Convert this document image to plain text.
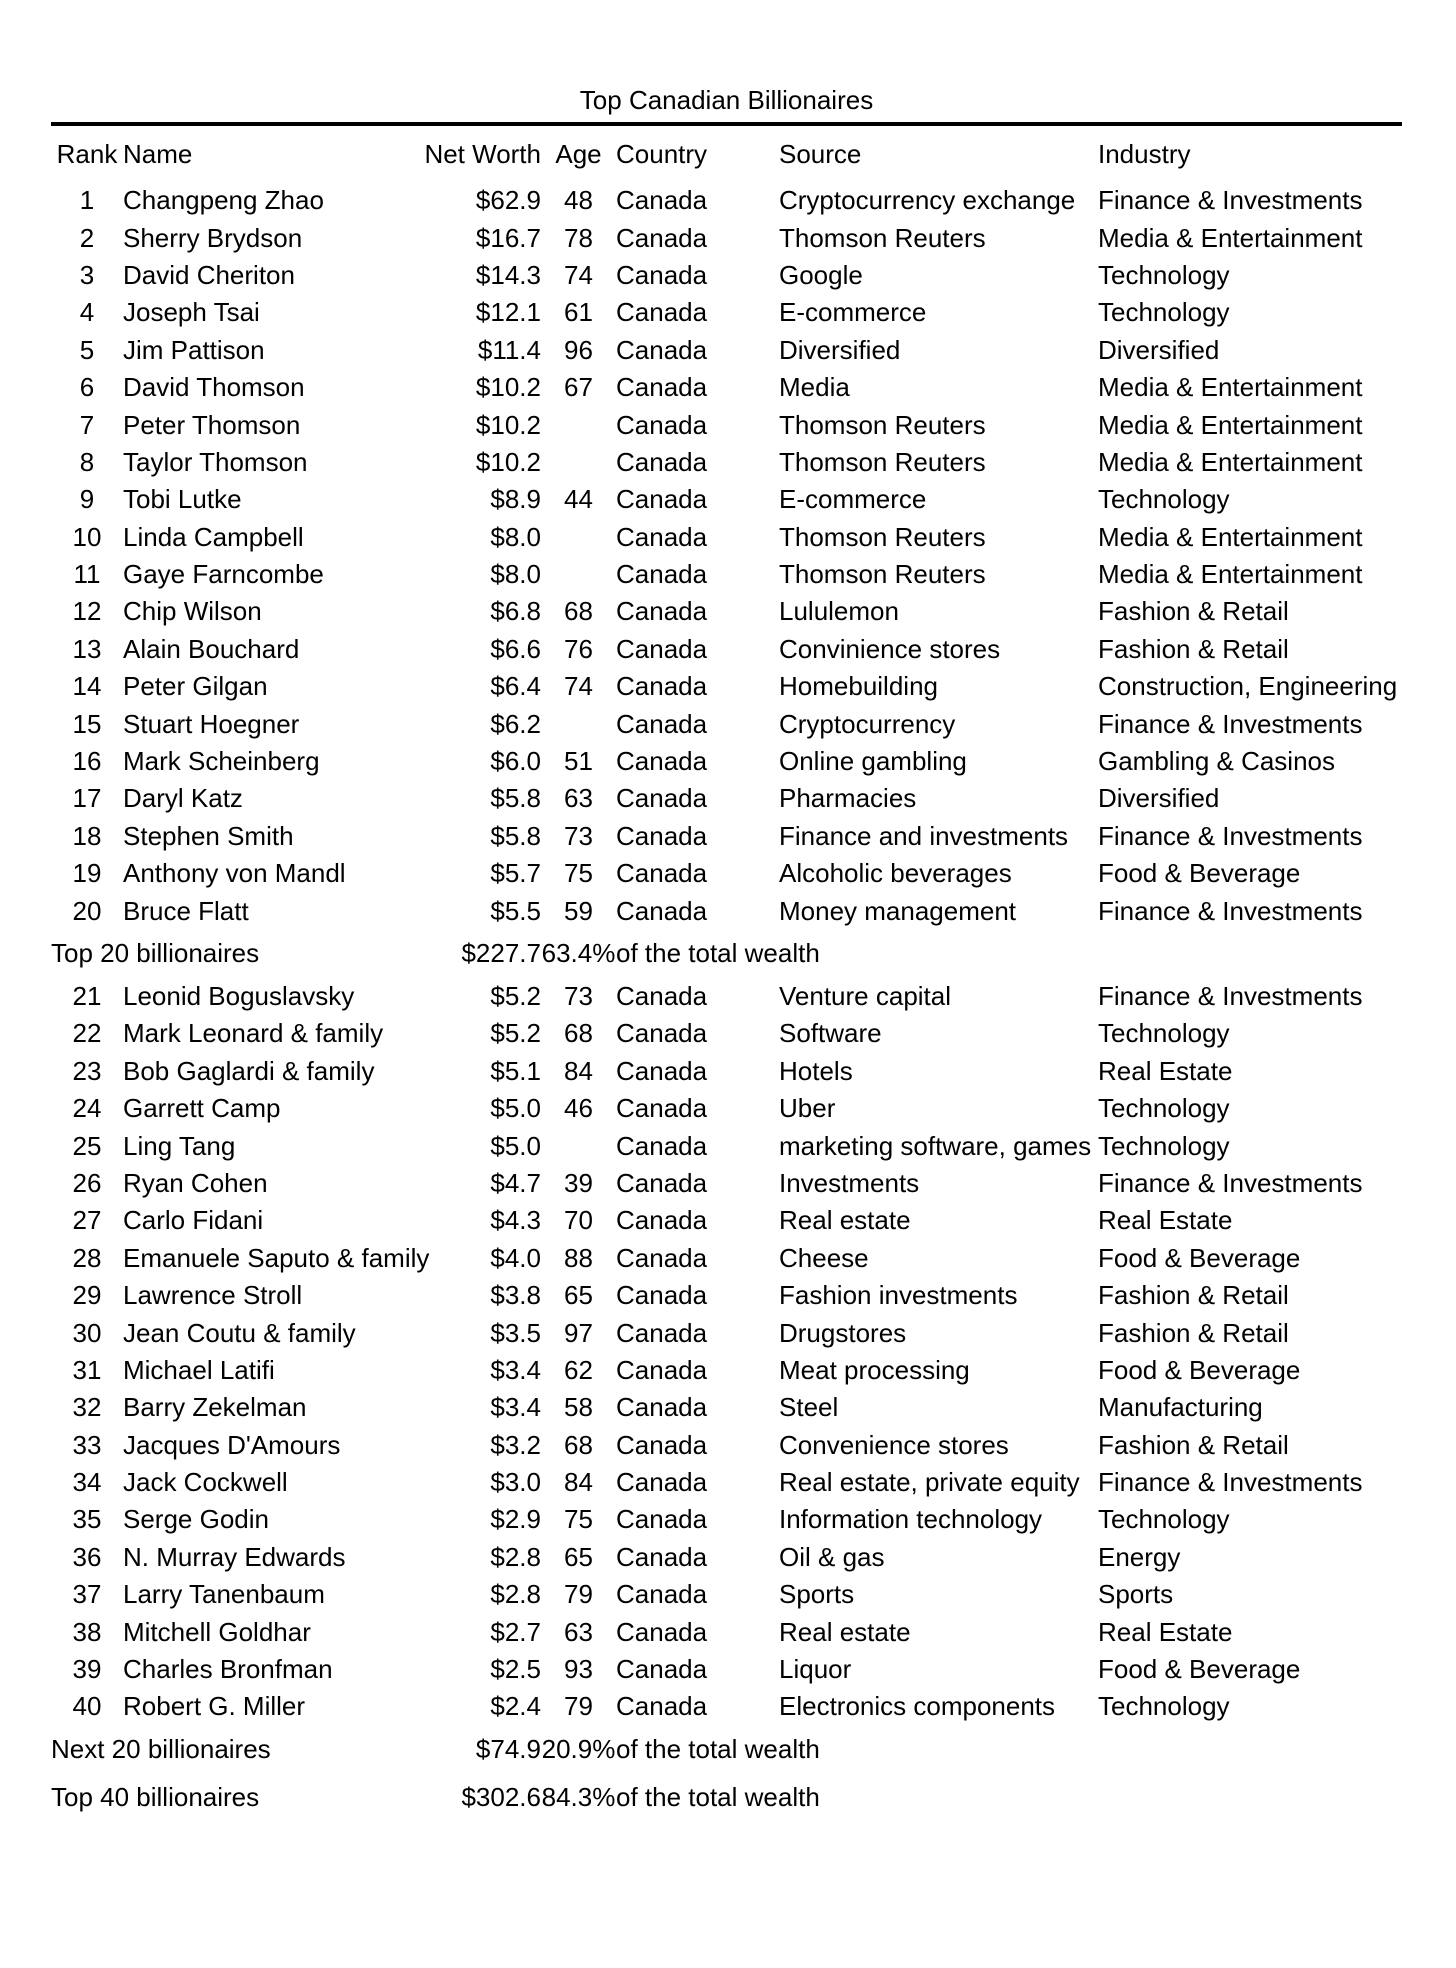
Top Canadian Billionaires
Rank	Name	Net Worth	Age	Country	Source	Industry
1	Changpeng Zhao	$62.9	48	Canada	Cryptocurrency exchange	Finance & Investments
2	Sherry Brydson	$16.7	78	Canada	Thomson Reuters	Media & Entertainment
3	David Cheriton	$14.3	74	Canada	Google	Technology
4	Joseph Tsai	$12.1	61	Canada	E-commerce	Technology
5	Jim Pattison	$11.4	96	Canada	Diversified	Diversified
6	David Thomson	$10.2	67	Canada	Media	Media & Entertainment
7	Peter Thomson	$10.2		Canada	Thomson Reuters	Media & Entertainment
8	Taylor Thomson	$10.2		Canada	Thomson Reuters	Media & Entertainment
9	Tobi Lutke	$8.9	44	Canada	E-commerce	Technology
10	Linda Campbell	$8.0		Canada	Thomson Reuters	Media & Entertainment
11	Gaye Farncombe	$8.0		Canada	Thomson Reuters	Media & Entertainment
12	Chip Wilson	$6.8	68	Canada	Lululemon	Fashion & Retail
13	Alain Bouchard	$6.6	76	Canada	Convinience stores	Fashion & Retail
14	Peter Gilgan	$6.4	74	Canada	Homebuilding	Construction, Engineering
15	Stuart Hoegner	$6.2		Canada	Cryptocurrency	Finance & Investments
16	Mark Scheinberg	$6.0	51	Canada	Online gambling	Gambling & Casinos
17	Daryl Katz	$5.8	63	Canada	Pharmacies	Diversified
18	Stephen Smith	$5.8	73	Canada	Finance and investments	Finance & Investments
19	Anthony von Mandl	$5.7	75	Canada	Alcoholic beverages	Food & Beverage
20	Bruce Flatt	$5.5	59	Canada	Money management	Finance & Investments
Top 20 billionaires		$227.7	63.4%	of the total wealth		
21	Leonid Boguslavsky	$5.2	73	Canada	Venture capital	Finance & Investments
22	Mark Leonard & family	$5.2	68	Canada	Software	Technology
23	Bob Gaglardi & family	$5.1	84	Canada	Hotels	Real Estate
24	Garrett Camp	$5.0	46	Canada	Uber	Technology
25	Ling Tang	$5.0		Canada	marketing software, games	Technology
26	Ryan Cohen	$4.7	39	Canada	Investments	Finance & Investments
27	Carlo Fidani	$4.3	70	Canada	Real estate	Real Estate
28	Emanuele Saputo & family	$4.0	88	Canada	Cheese	Food & Beverage
29	Lawrence Stroll	$3.8	65	Canada	Fashion investments	Fashion & Retail
30	Jean Coutu & family	$3.5	97	Canada	Drugstores	Fashion & Retail
31	Michael Latifi	$3.4	62	Canada	Meat processing	Food & Beverage
32	Barry Zekelman	$3.4	58	Canada	Steel	Manufacturing
33	Jacques D'Amours	$3.2	68	Canada	Convenience stores	Fashion & Retail
34	Jack Cockwell	$3.0	84	Canada	Real estate, private equity	Finance & Investments
35	Serge Godin	$2.9	75	Canada	Information technology	Technology
36	N. Murray Edwards	$2.8	65	Canada	Oil & gas	Energy
37	Larry Tanenbaum	$2.8	79	Canada	Sports	Sports
38	Mitchell Goldhar	$2.7	63	Canada	Real estate	Real Estate
39	Charles Bronfman	$2.5	93	Canada	Liquor	Food & Beverage
40	Robert G. Miller	$2.4	79	Canada	Electronics components	Technology
Next 20 billionaires		$74.9	20.9%	of the total wealth		
Top 40 billionaires		$302.6	84.3%	of the total wealth		
